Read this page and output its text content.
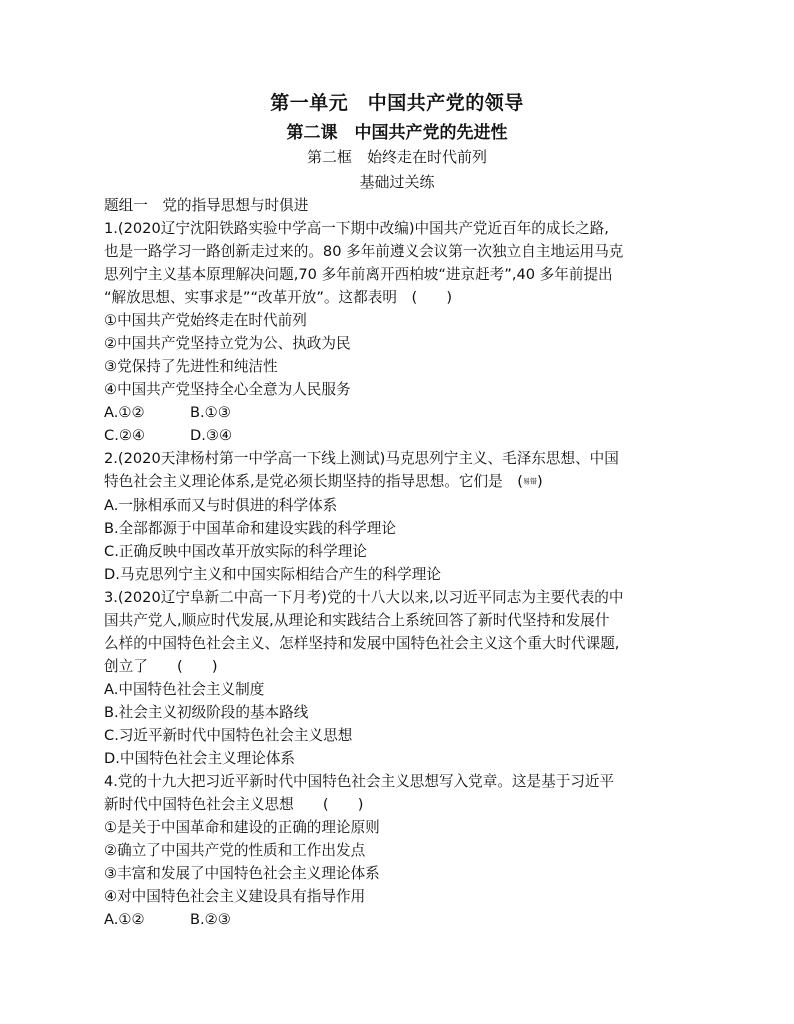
第一单元　中国共产党的领导
第二课　中国共产党的先进性
第二框　始终走在时代前列
基础过关练
题组一　党的指导思想与时俱进
1.(2020辽宁沈阳铁路实验中学高一下期中改编)中国共产党近百年的成长之路,
也是一路学习一路创新走过来的。80 多年前遵义会议第一次独立自主地运用马克
思列宁主义基本原理解决问题,70 多年前离开西柏坡“进京赶考”,40 多年前提出
“解放思想、实事求是”“改革开放”。这都表明　(　　)
①中国共产党始终走在时代前列
②中国共产党坚持立党为公、执政为民
③党保持了先进性和纯洁性
④中国共产党坚持全心全意为人民服务
A.①②	B.①③
C.②④	D.③④
2.(2020天津杨村第一中学高一下线上测试)马克思列宁主义、毛泽东思想、中国
特色社会主义理论体系,是党必须长期坚持的指导思想。它们是　(易错)
A.一脉相承而又与时俱进的科学体系
B.全部都源于中国革命和建设实践的科学理论
C.正确反映中国改革开放实际的科学理论
D.马克思列宁主义和中国实际相结合产生的科学理论
3.(2020辽宁阜新二中高一下月考)党的十八大以来,以习近平同志为主要代表的中
国共产党人,顺应时代发展,从理论和实践结合上系统回答了新时代坚持和发展什
么样的中国特色社会主义、怎样坚持和发展中国特色社会主义这个重大时代课题,
创立了　　(　　)
A.中国特色社会主义制度
B.社会主义初级阶段的基本路线
C.习近平新时代中国特色社会主义思想
D.中国特色社会主义理论体系
4.党的十九大把习近平新时代中国特色社会主义思想写入党章。这是基于习近平
新时代中国特色社会主义思想　　(　　)
①是关于中国革命和建设的正确的理论原则
②确立了中国共产党的性质和工作出发点
③丰富和发展了中国特色社会主义理论体系
④对中国特色社会主义建设具有指导作用
A.①②	B.②③
